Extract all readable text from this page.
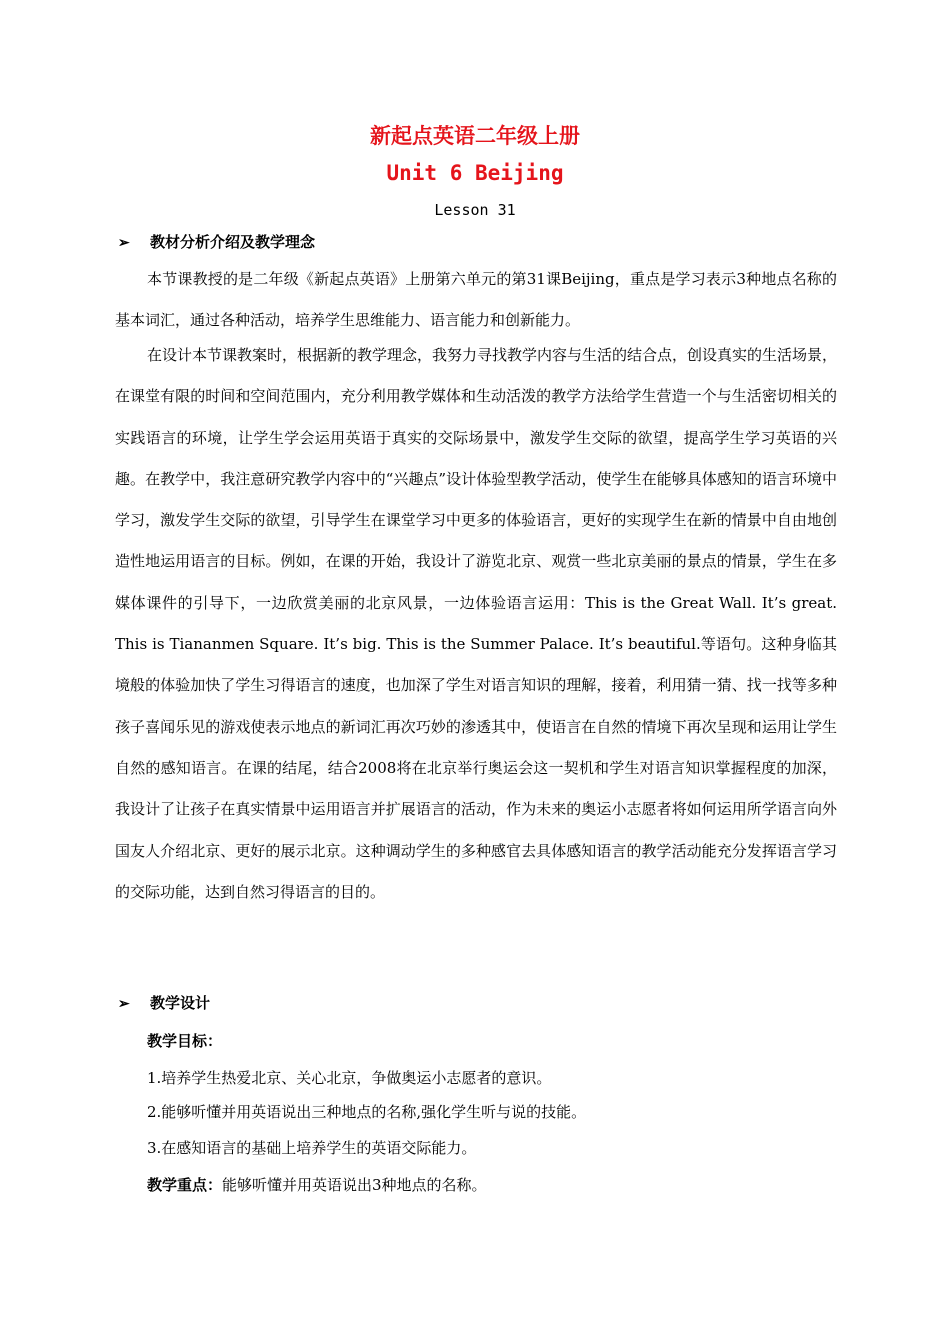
新起点英语二年级上册
Unit 6 Beijing
Lesson 31
➢ 教材分析介绍及教学理念

本节课教授的是二年级《新起点英语》上册第六单元的第31课Beijing，重点是学习表示3种地点名称的基本词汇，通过各种活动，培养学生思维能力、语言能力和创新能力。

在设计本节课教案时，根据新的教学理念，我努力寻找教学内容与生活的结合点，创设真实的生活场景，在课堂有限的时间和空间范围内，充分利用教学媒体和生动活泼的教学方法给学生营造一个与生活密切相关的实践语言的环境，让学生学会运用英语于真实的交际场景中，激发学生交际的欲望，提高学生学习英语的兴趣。在教学中，我注意研究教学内容中的“兴趣点”设计体验型教学活动，使学生在能够具体感知的语言环境中学习，激发学生交际的欲望，引导学生在课堂学习中更多的体验语言，更好的实现学生在新的情景中自由地创造性地运用语言的目标。例如，在课的开始，我设计了游览北京、观赏一些北京美丽的景点的情景，学生在多媒体课件的引导下，一边欣赏美丽的北京风景，一边体验语言运用：This is the Great Wall. It’s great. This is Tiananmen Square. It’s big. This is the Summer Palace. It’s beautiful.等语句。这种身临其境般的体验加快了学生习得语言的速度，也加深了学生对语言知识的理解，接着，利用猜一猜、找一找等多种孩子喜闻乐见的游戏使表示地点的新词汇再次巧妙的渗透其中，使语言在自然的情境下再次呈现和运用让学生自然的感知语言。在课的结尾，结合2008将在北京举行奥运会这一契机和学生对语言知识掌握程度的加深，我设计了让孩子在真实情景中运用语言并扩展语言的活动，作为未来的奥运小志愿者将如何运用所学语言向外国友人介绍北京、更好的展示北京。这种调动学生的多种感官去具体感知语言的教学活动能充分发挥语言学习的交际功能，达到自然习得语言的目的。

➢ 教学设计
教学目标：
1.培养学生热爱北京、关心北京，争做奥运小志愿者的意识。
2.能够听懂并用英语说出三种地点的名称,强化学生听与说的技能。
3.在感知语言的基础上培养学生的英语交际能力。
教学重点：能够听懂并用英语说出3种地点的名称。
